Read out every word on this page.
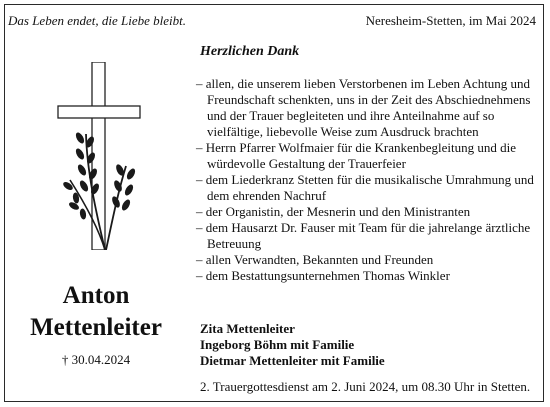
Das Leben endet, die Liebe bleibt.	Neresheim-Stetten, im Mai 2024
Anton
Mettenleiter
† 30.04.2024
Herzlichen Dank
– allen, die unserem lieben Verstorbenen im Leben Achtung und Freundschaft schenkten, uns in der Zeit des Abschiednehmens und der Trauer begleiteten und ihre Anteilnahme auf so vielfältige, liebevolle Weise zum Ausdruck brachten
– Herrn Pfarrer Wolfmaier für die Krankenbegleitung und die würdevolle Gestaltung der Trauerfeier
– dem Liederkranz Stetten für die musikalische Umrahmung und dem ehrenden Nachruf
– der Organistin, der Mesnerin und den Ministranten
– dem Hausarzt Dr. Fauser mit Team für die jahrelange ärztliche Betreuung
– allen Verwandten, Bekannten und Freunden
– dem Bestattungsunternehmen Thomas Winkler
Zita Mettenleiter
Ingeborg Böhm mit Familie
Dietmar Mettenleiter mit Familie
2. Trauergottesdienst am 2. Juni 2024, um 08.30 Uhr in Stetten.
